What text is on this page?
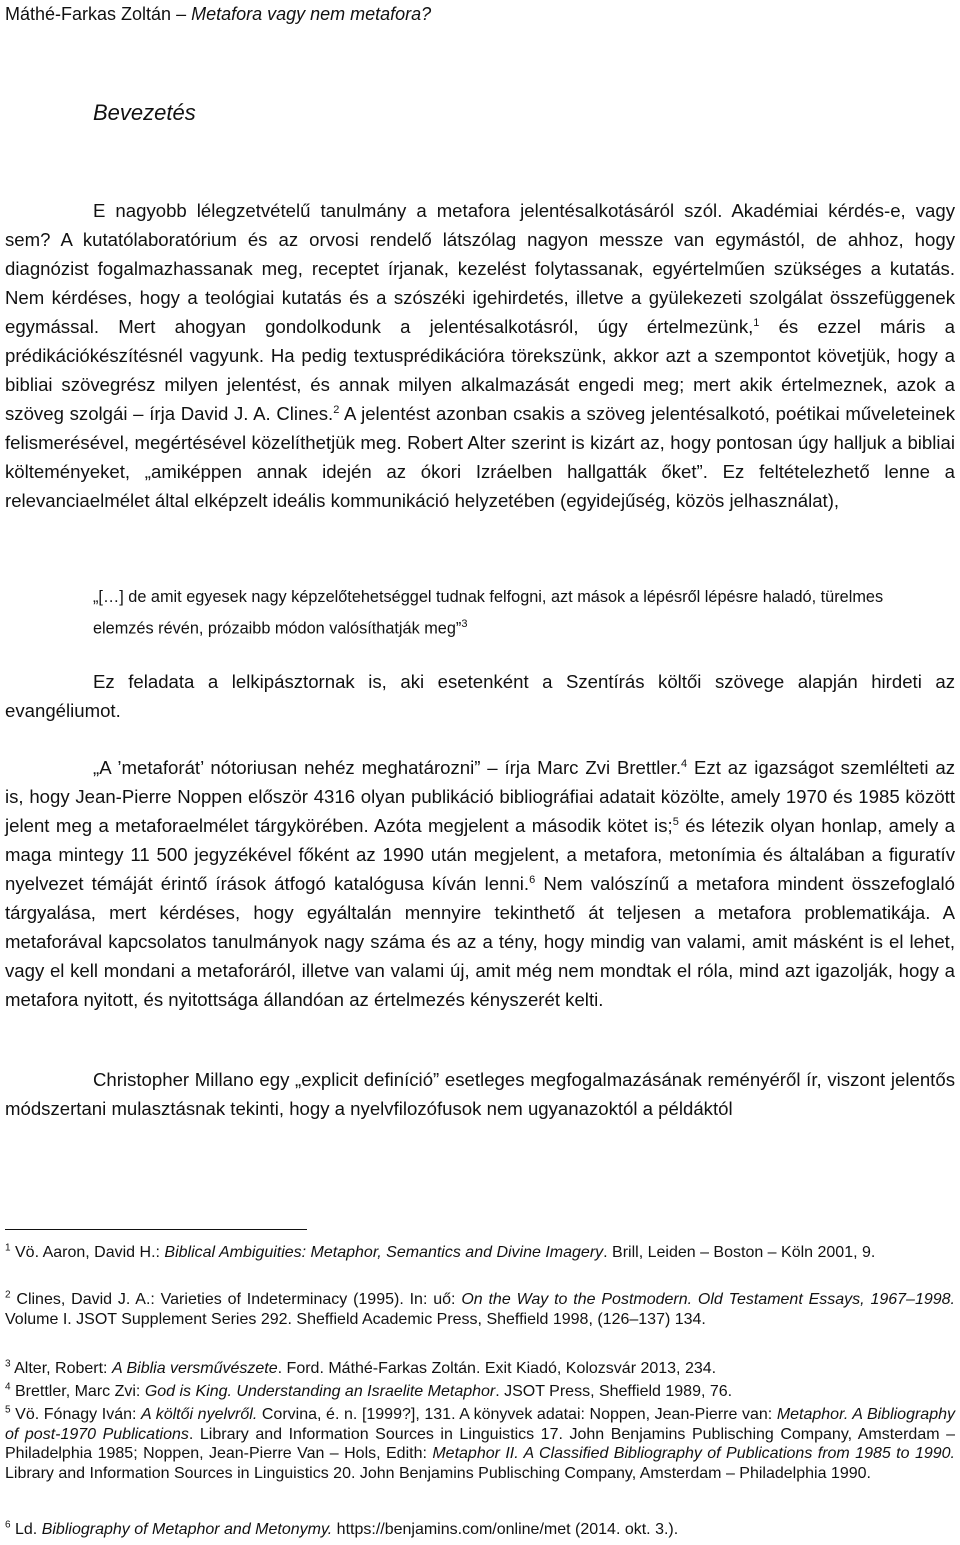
Máthé-Farkas Zoltán – Metafora vagy nem metafora?
Bevezetés

E nagyobb lélegzetvételű tanulmány a metafora jelentésalkotásáról szól. Akadémiai kérdés-e, vagy sem? A kutatólaboratórium és az orvosi rendelő látszólag nagyon messze van egymástól, de ahhoz, hogy diagnózist fogalmazhassanak meg, receptet írjanak, kezelést folytassanak, egyértelműen szükséges a kutatás. Nem kérdéses, hogy a teológiai kutatás és a szószéki igehirdetés, illetve a gyülekezeti szolgálat összefüggenek egymással. Mert ahogyan gondolkodunk a jelentésalkotásról, úgy értelmezünk,$^1$ és ezzel máris a prédikációkészítésnél vagyunk. Ha pedig textusprédikációra törekszünk, akkor azt a szempontot követjük, hogy a bibliai szövegrész milyen jelentést, és annak milyen alkalmazását engedi meg; mert akik értelmeznek, azok a szöveg szolgái – írja David J. A. Clines.$^2$ A jelentést azonban csakis a szöveg jelentésalkotó, poétikai műveleteinek felismerésével, megértésével közelíthetjük meg. Robert Alter szerint is kizárt az, hogy pontosan úgy halljuk a bibliai költeményeket, „amiképpen annak idején az ókori Izráelben hallgatták őket”. Ez feltételezhető lenne a relevanciaelmélet által elképzelt ideális kommunikáció helyzetében (egyidejűség, közös jelhasználat),

„[…] de amit egyesek nagy képzelőtehetséggel tudnak felfogni, azt mások a lépésről lépésre haladó, türelmes elemzés révén, prózaibb módon valósíthatják meg”$^3$

Ez feladata a lelkipásztornak is, aki esetenként a Szentírás költői szövege alapján hirdeti az evangéliumot.

„A ’metaforát’ nótoriusan nehéz meghatározni” – írja Marc Zvi Brettler.$^4$ Ezt az igazságot szemlélteti az is, hogy Jean-Pierre Noppen először 4316 olyan publikáció bibliográfiai adatait közölte, amely 1970 és 1985 között jelent meg a metaforaelmélet tárgykörében. Azóta megjelent a második kötet is;$^5$ és létezik olyan honlap, amely a maga mintegy 11 500 jegyzékével főként az 1990 után megjelent, a metafora, metonímia és általában a figuratív nyelvezet témáját érintő írások átfogó katalógusa kíván lenni.$^6$ Nem valószínű a metafora mindent összefoglaló tárgyalása, mert kérdéses, hogy egyáltalán mennyire tekinthető át teljesen a metafora problematikája. A metaforával kapcsolatos tanulmányok nagy száma és az a tény, hogy mindig van valami, amit másként is el lehet, vagy el kell mondani a metaforáról, illetve van valami új, amit még nem mondtak el róla, mind azt igazolják, hogy a metafora nyitott, és nyitottsága állandóan az értelmezés kényszerét kelti.

Christopher Millano egy „explicit definíció” esetleges megfogalmazásának reményéről ír, viszont jelentős módszertani mulasztásnak tekinti, hogy a nyelvfilozófusok nem ugyanazoktól a példáktól

$^1$ Vö. Aaron, David H.: Biblical Ambiguities: Metaphor, Semantics and Divine Imagery. Brill, Leiden – Boston – Köln 2001, 9.

$^2$ Clines, David J. A.: Varieties of Indeterminacy (1995). In: uő: On the Way to the Postmodern. Old Testament Essays, 1967–1998. Volume I. JSOT Supplement Series 292. Sheffield Academic Press, Sheffield 1998, (126–137) 134.

$^3$ Alter, Robert: A Biblia versművészete. Ford. Máthé-Farkas Zoltán. Exit Kiadó, Kolozsvár 2013, 234.

$^4$ Brettler, Marc Zvi: God is King. Understanding an Israelite Metaphor. JSOT Press, Sheffield 1989, 76.

$^5$ Vö. Fónagy Iván: A költői nyelvről. Corvina, é. n. [1999?], 131. A könyvek adatai: Noppen, Jean-Pierre van: Metaphor. A Bibliography of post-1970 Publications. Library and Information Sources in Linguistics 17. John Benjamins Publisching Company, Amsterdam – Philadelphia 1985; Noppen, Jean-Pierre Van – Hols, Edith: Metaphor II. A Classified Bibliography of Publications from 1985 to 1990. Library and Information Sources in Linguistics 20. John Benjamins Publisching Company, Amsterdam – Philadelphia 1990.

$^6$ Ld. Bibliography of Metaphor and Metonymy. https://benjamins.com/online/met (2014. okt. 3.).
